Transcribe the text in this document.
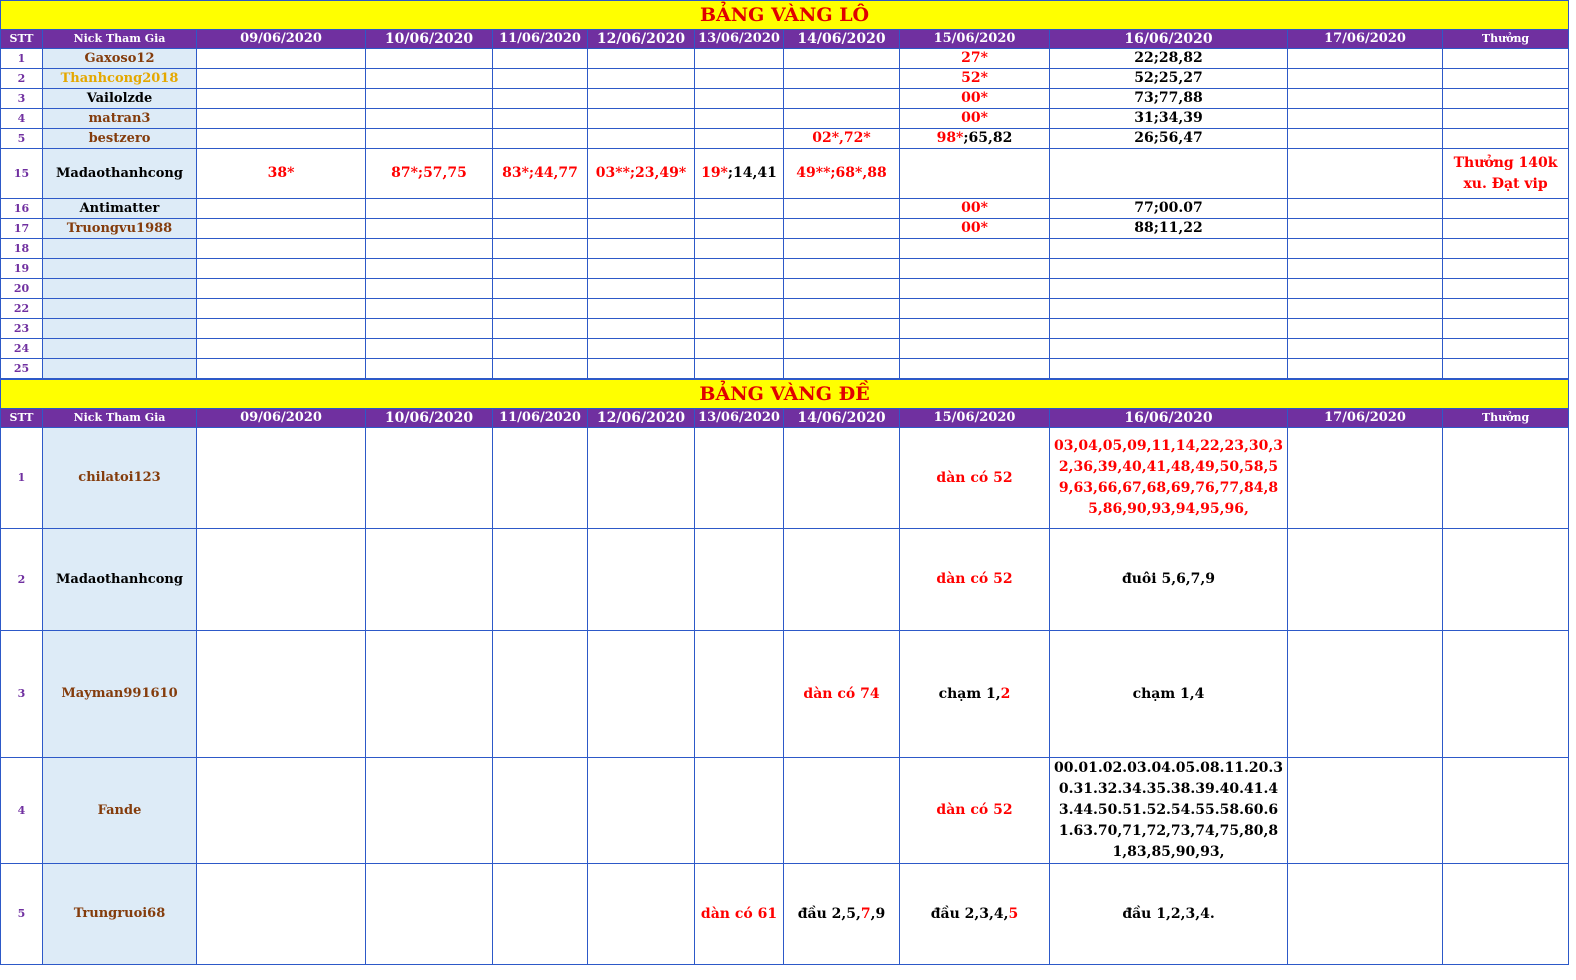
BẢNG VÀNG LÔ											
STT	Nick Tham Gia	09/06/2020	10/06/2020	11/06/2020	12/06/2020	13/06/2020	14/06/2020	15/06/2020	16/06/2020	17/06/2020	Thưởng
1	Gaxoso12							27*	22;28,82		
2	Thanhcong2018							52*	52;25,27		
3	Vailolzde							00*	73;77,88		
4	matran3							00*	31;34,39		
5	bestzero						02*,72*	98*;65,82	26;56,47		
15	Madaothanhcong	38*	87*;57,75	83*;44,77	03**;23,49*	19*;14,41	49**;68*,88				Thưởng 140k xu. Đạt vip
16	Antimatter							00*	77;00.07		
17	Truongvu1988							00*	88;11,22		
18											
19											
20											
22											
23											
24											
25											
BẢNG VÀNG ĐỀ											
STT	Nick Tham Gia	09/06/2020	10/06/2020	11/06/2020	12/06/2020	13/06/2020	14/06/2020	15/06/2020	16/06/2020	17/06/2020	Thưởng
1	chilatoi123							dàn có 52	03,04,05,09,11,14,22,23,30,32,36,39,40,41,48,49,50,58,59,63,66,67,68,69,76,77,84,85,86,90,93,94,95,96,		

2	Madaothanhcong							dàn có 52	đuôi 5,6,7,9		
3	Mayman991610						dàn có 74	chạm 1,2	chạm 1,4		
4	Fande							dàn có 52	00.01.02.03.04.05.08.11.20.30.31.32.34.35.38.39.40.41.43.44.50.51.52.54.55.58.60.61.63.70,71,72,73,74,75,80,81,83,85,90,93,		

5	Trungruoi68					dàn có 61	đầu 2,5,7,9	đầu 2,3,4,5	đầu 1,2,3,4.		
